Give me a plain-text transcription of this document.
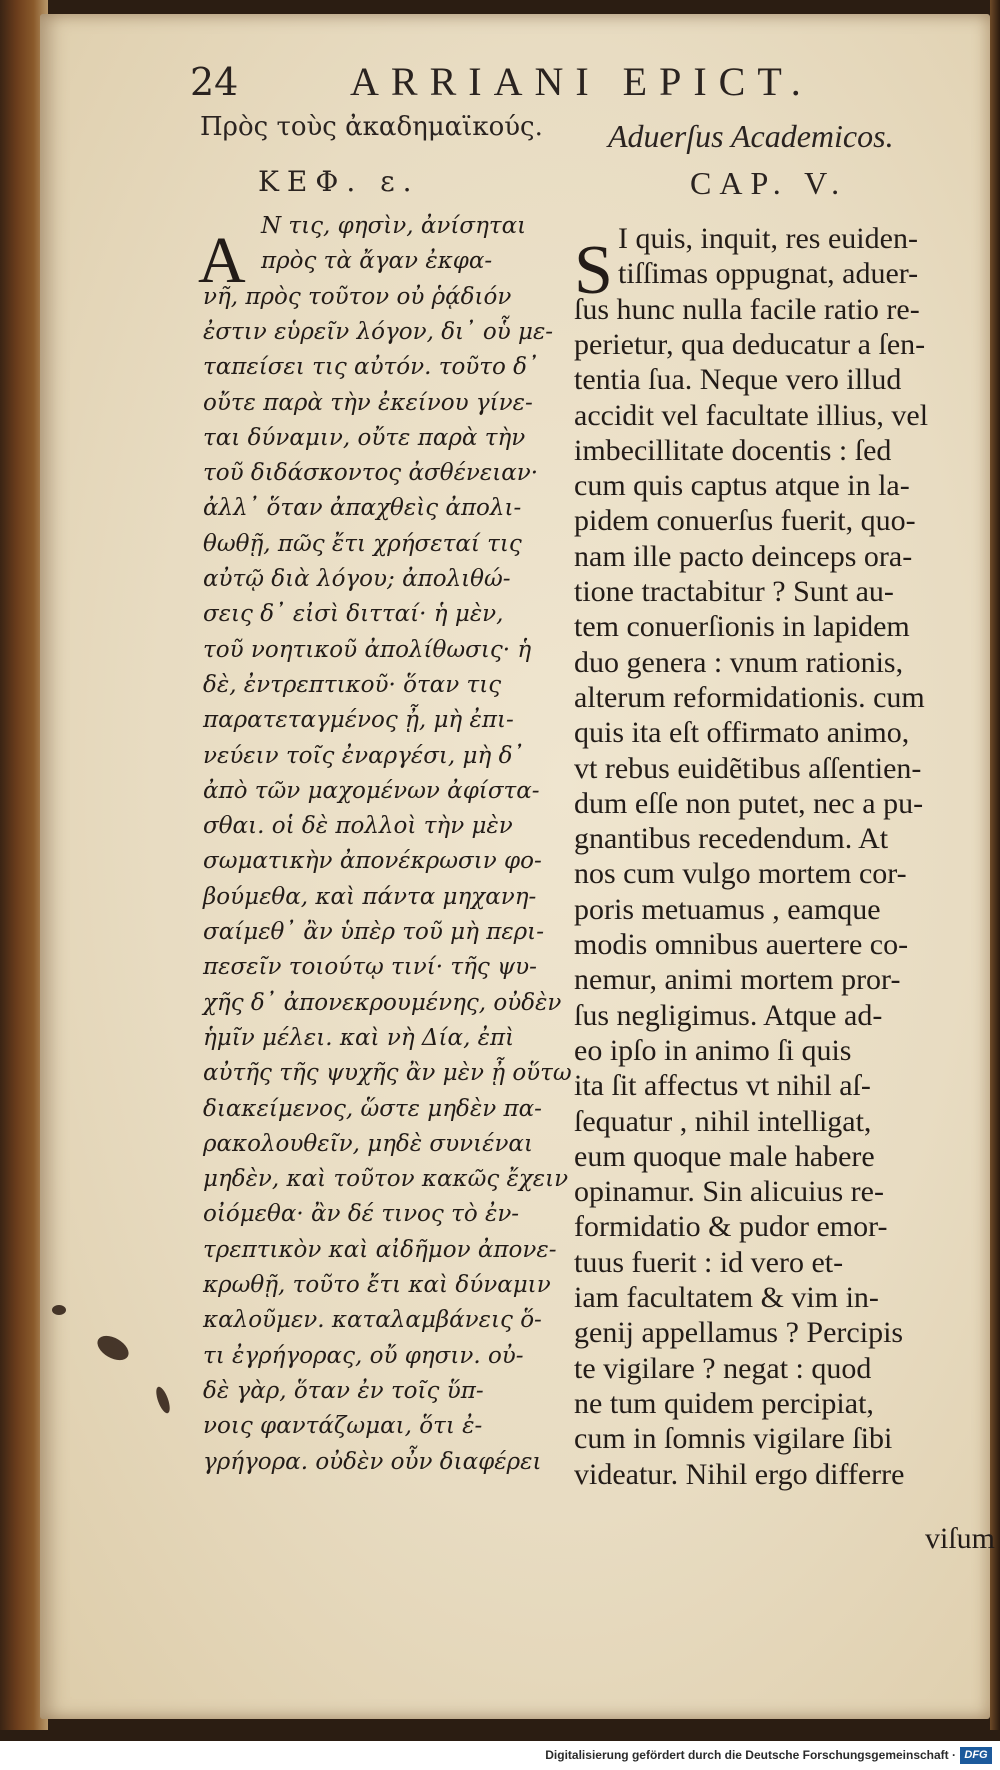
24	ARRIANI EPICT.
Πρὸς τοὺς ἀκαδημαϊκούς. Aduerſus Academicos.
ΚΕΦ. ε.	CAP. V.
Α	S
Ν τις, φησὶν, ἀνίσηται
πρὸς τὰ ἄγαν ἐκφα-
νῆ, πρὸς τοῦτον οὐ ῥᾴδιόν
ἐστιν εὑρεῖν λόγον, δι᾽ οὗ με-
ταπείσει τις αὐτόν. τοῦτο δ᾽
οὔτε παρὰ τὴν ἐκείνου γίνε-
ται δύναμιν, οὔτε παρὰ τὴν
τοῦ διδάσκοντος ἀσθένειαν·
ἀλλ᾽ ὅταν ἀπαχθεὶς ἀπολι-
θωθῇ, πῶς ἔτι χρήσεταί τις
αὐτῷ διὰ λόγου; ἀπολιθώ-
σεις δ᾽ εἰσὶ διτταί· ἡ μὲν,
τοῦ νοητικοῦ ἀπολίθωσις· ἡ
δὲ, ἐντρεπτικοῦ· ὅταν τις
παρατεταγμένος ᾖ, μὴ ἐπι-
νεύειν τοῖς ἐναργέσι, μὴ δ᾽
ἀπὸ τῶν μαχομένων ἀφίστα-
σθαι. οἱ δὲ πολλοὶ τὴν μὲν
σωματικὴν ἀπονέκρωσιν φο-
βούμεθα, καὶ πάντα μηχανη-
σαίμεθ᾽ ἂν ὑπὲρ τοῦ μὴ περι-
πεσεῖν τοιούτῳ τινί· τῆς ψυ-
χῆς δ᾽ ἀπονεκρουμένης, οὐδὲν
ἡμῖν μέλει. καὶ νὴ Δία, ἐπὶ
αὐτῆς τῆς ψυχῆς ἂν μὲν ᾖ οὕτω
διακείμενος, ὥστε μηδὲν πα-
ρακολουθεῖν, μηδὲ συνιέναι
μηδὲν, καὶ τοῦτον κακῶς ἔχειν
οἰόμεθα· ἂν δέ τινος τὸ ἐν-
τρεπτικὸν καὶ αἰδῆμον ἀπονε-
κρωθῇ, τοῦτο ἔτι καὶ δύναμιν
καλοῦμεν. καταλαμβάνεις ὅ-
τι ἐγρήγορας, οὔ φησιν. οὐ-
δὲ γὰρ, ὅταν ἐν τοῖς ὕπ-
νοις φαντάζωμαι, ὅτι ἐ-
γρήγορα. οὐδὲν οὖν διαφέρει
I quis, inquit, res euiden-
tiſſimas oppugnat, aduer-
ſus hunc nulla facile ratio re-
perietur, qua deducatur a ſen-
tentia ſua. Neque vero illud
accidit vel facultate illius, vel
imbecillitate docentis : ſed
cum quis captus atque in la-
pidem conuerſus fuerit, quo-
nam ille pacto deinceps ora-
tione tractabitur ? Sunt au-
tem conuerſionis in lapidem
duo genera : vnum rationis,
alterum reformidationis. cum
quis ita eſt offirmato animo,
vt rebus euidẽtibus aſſentien-
dum eſſe non putet, nec a pu-
gnantibus recedendum. At
nos cum vulgo mortem cor-
poris metuamus , eamque
modis omnibus auertere co-
nemur, animi mortem pror-
ſus negligimus. Atque ad-
eo ipſo in animo ſi quis
ita ſit affectus vt nihil aſ-
ſequatur , nihil intelligat,
eum quoque male habere
opinamur. Sin alicuius re-
formidatio & pudor emor-
tuus fuerit : id vero et-
iam facultatem & vim in-
genij appellamus ? Percipis
te vigilare ? negat : quod
ne tum quidem percipiat,
cum in ſomnis vigilare ſibi
videatur. Nihil ergo differre
viſum
Digitalisierung gefördert durch die Deutsche Forschungsgemeinschaft · DFG
